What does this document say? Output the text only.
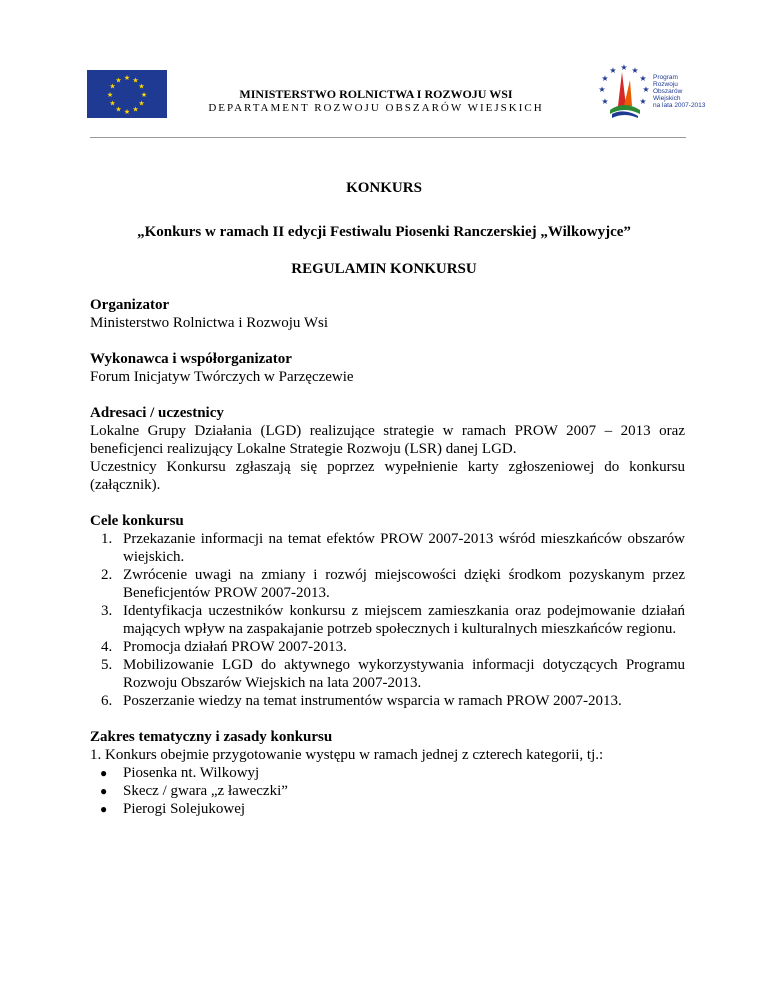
★ ★
★
★
★
★
★
★
★
★
★
★
MINISTERSTWO ROLNICTWA I ROZWOJU WSI
DEPARTAMENT ROZWOJU OBSZARÓW WIEJSKICH
★ ★
★
★
★
★
★
★	★
Program
Rozwoju
Obszarów
Wiejskich
na lata 2007-2013
KONKURS
„Konkurs w ramach II edycji Festiwalu Piosenki Ranczerskiej „Wilkowyjce”
REGULAMIN KONKURSU
Organizator
Ministerstwo Rolnictwa i Rozwoju Wsi
Wykonawca i współorganizator
Forum Inicjatyw Twórczych w Parzęczewie
Adresaci / uczestnicy
Lokalne Grupy Działania (LGD) realizujące strategie w ramach PROW 2007 – 2013 oraz beneficjenci realizujący Lokalne Strategie Rozwoju (LSR) danej LGD.
Uczestnicy Konkursu zgłaszają się poprzez wypełnienie karty zgłoszeniowej do konkursu (załącznik).
Cele konkursu
1. Przekazanie informacji na temat efektów PROW 2007-2013 wśród mieszkańców obszarów wiejskich.
2. Zwrócenie uwagi na zmiany i rozwój miejscowości dzięki środkom pozyskanym przez Beneficjentów PROW 2007-2013.
3. Identyfikacja uczestników konkursu z miejscem zamieszkania oraz podejmowanie działań mających wpływ na zaspakajanie potrzeb społecznych i kulturalnych mieszkańców regionu.
4. Promocja działań PROW 2007-2013.
5. Mobilizowanie LGD do aktywnego wykorzystywania informacji dotyczących Programu Rozwoju Obszarów Wiejskich na lata 2007-2013.
6. Poszerzanie wiedzy na temat instrumentów wsparcia w ramach PROW 2007-2013.
Zakres tematyczny i zasady konkursu
1. Konkurs obejmie przygotowanie występu w ramach jednej z czterech kategorii, tj.:
● Piosenka nt. Wilkowyj
● Skecz / gwara „z ławeczki”
● Pierogi Solejukowej
